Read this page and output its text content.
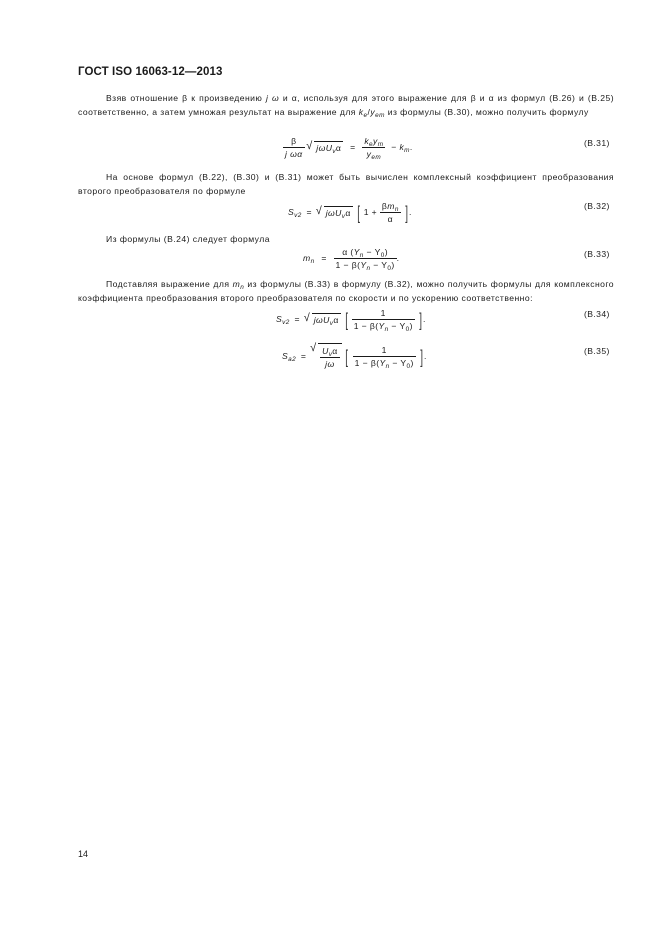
ГОСТ ISO 16063-12—2013
Взяв отношение β к произведению j ω и α, используя для этого выражение для β и α из формул (В.26) и (В.25) соответственно, а затем умножая результат на выражение для $k_e/y_{em}$ из формулы (В.30), можно получить формулу
$\frac{\beta}{\text{j ωα}}$ √ $j\omega U_v\alpha = \frac{k_ey_m}{y_{em}} - k_m$.	(В.31)
На основе формул (В.22), (В.30) и (В.31) может быть вычислен комплексный коэффициент преобразования второго преобразователя по формуле
$S_{v2}$ = √ jωU$_v$α [ $1 + \frac{\beta m_n}{\alpha}$ ].
(В.32)
Из формулы (В.24) следует формула
$m_n = \frac{\alpha (Y_n - Y_0)}{1 - \beta(Y_n - Y_0)}$ .	(В.33)
Подставляя выражение для $m_n$ из формулы (В.33) в формулу (В.32), можно получить формулы для комплексного коэффициента преобразования второго преобразователя по скорости и по ускорению соответственно:
$S_{v2}$ = √ jωU$_v$α [ $\frac{1}{1 - \beta(Y_n - Y_0)}$ ].	(В.34)
$S_{a2}$ = √ $\frac{U_v\alpha}{j\omega}$ [ $\frac{1}{1 - \beta(Y_n - Y_0)}$ ].	(В.35)
14
